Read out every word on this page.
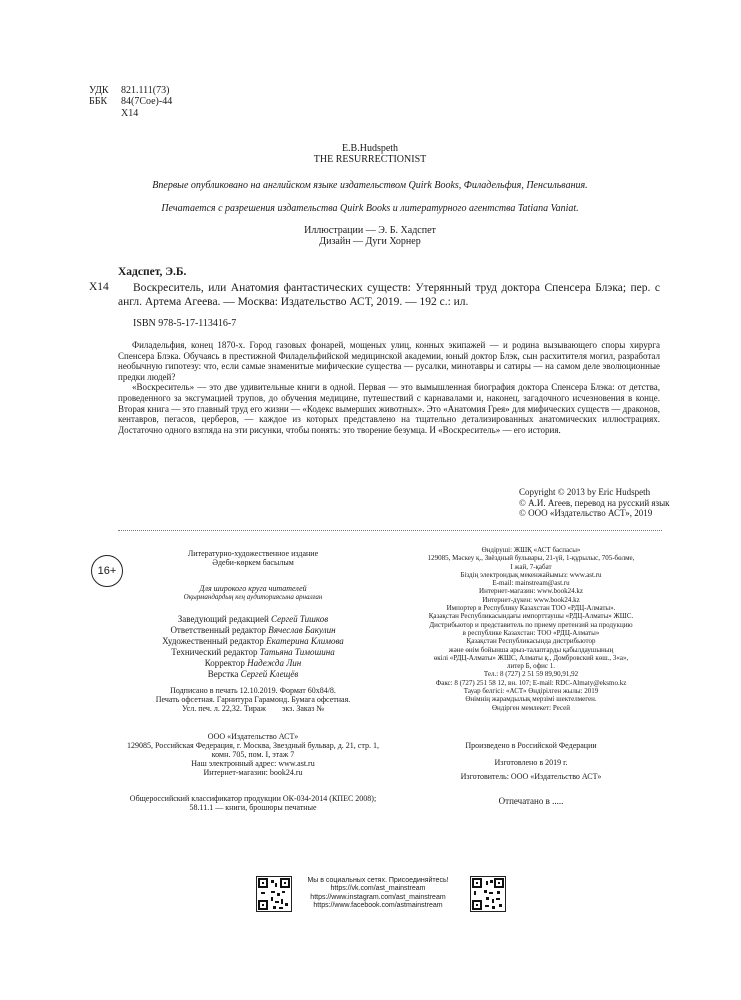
УДК 821.111(73)
ББК 84(7Сое)-44
Х14
E.B.Hudspeth
THE RESURRECTIONIST
Впервые опубликовано на английском языке издательством Quirk Books, Филадельфия, Пенсильвания.
Печатается с разрешения издательства Quirk Books и литературного агентства Tatiana Vaniat.
Иллюстрации — Э. Б. Хадспет
Дизайн — Дуги Хорнер
Хадспет, Э.Б.
Х14	Воскреситель, или Анатомия фантастических существ: Утерянный труд доктора Спенсера Блэка; пер. с англ. Артема Агеева. — Москва: Издательство АСТ, 2019. — 192 с.: ил.
ISBN 978-5-17-113416-7

Филадельфия, конец 1870-х. Город газовых фонарей, мощеных улиц, конных экипажей — и родина вызывающего споры хирурга Спенсера Блэка. Обучаясь в престижной Филадельфийской медицинской академии, юный доктор Блэк, сын расхитителя могил, разработал необычную гипотезу: что, если самые знаменитые мифические существа — русалки, минотавры и сатиры — на самом деле эволюционные предки людей?

«Воскреситель» — это две удивительные книги в одной. Первая — это вымышленная биография доктора Спенсера Блэка: от детства, проведенного за эксгумацией трупов, до обучения медицине, путешествий с карнавалами и, наконец, загадочного исчезновения в конце. Вторая книга — это главный труд его жизни — «Кодекс вымерших животных». Это «Анатомия Грея» для мифических существ — драконов, кентавров, пегасов, церберов, — каждое из которых представлено на тщательно детализированных анатомических иллюстрациях. Достаточно одного взгляда на эти рисунки, чтобы понять: это творение безумца. И «Воскреситель» — его история.

Copyright © 2013 by Eric Hudspeth
© А.И. Агеев, перевод на русский язык
© ООО «Издательство АСТ», 2019
16+
Литературно-художественное издание
Әдеби-көркем басылым
Для широкого круга читателей
Оқырмандардың кең аудиториясына арналған
Заведующий редакцией Сергей Тишков
Ответственный редактор Вячеслав Бакулин
Художественный редактор Екатерина Климова
Технический редактор Татьяна Тимошина
Корректор Надежда Лин
Верстка Сергей Клещёв
Подписано в печать 12.10.2019. Формат 60x84/8.
Печать офсетная. Гарнитура Гарамонд. Бумага офсетная.
Усл. печ. л. 22,32. Тираж        экз. Заказ №
ООО «Издательство АСТ»
129085, Российская Федерация, г. Москва, Звездный бульвар, д. 21, стр. 1,
комн. 705, пом. I, этаж 7
Наш электронный адрес: www.ast.ru
Интернет-магазин: book24.ru
Общероссийский классификатор продукции ОК-034-2014 (КПЕС 2008);
58.11.1 — книги, брошюры печатные
Өндіруші: ЖШҚ «АСТ баспасы»
129085, Мәскеу қ., Звёздный бульвары, 21-үй, 1-құрылыс, 705-бөлме,
I жай, 7-қабат
Біздің электрондық мекенжайымыз: www.ast.ru
E-mail: mainstream@ast.ru
Интернет-магазин: www.book24.kz
Интернет-дүкен: www.book24.kz
Импортер в Республику Казахстан ТОО «РДЦ-Алматы».
Қазақстан Республикасындағы импорттаушы «РДЦ-Алматы» ЖШС.
Дистрибьютор и представитель по приему претензий на продукцию
в республике Казахстан: ТОО «РДЦ-Алматы»
Қазақстан Республикасында дистрибьютор
және өнім бойынша арыз-талаптарды қабылдаушының
өкілі «РДЦ-Алматы» ЖШС, Алматы қ., Домбровский көш., 3«а»,
литер Б, офис 1.
Тел.: 8 (727) 2 51 59 89,90,91,92
Факс: 8 (727) 251 58 12, вн. 107; E-mail: RDC-Almaty@eksmo.kz
Тауар белгісі: «АСТ» Өндірілген жылы: 2019
Өнімнің жарамдылық мерзімі шектелмеген.
Өндірген мемлекет: Ресей
Произведено в Российской Федерации
Изготовлено в 2019 г.
Изготовитель: ООО «Издательство АСТ»
Отпечатано в .....
Мы в социальных сетях. Присоединяйтесь!
https://vk.com/ast_mainstream
https://www.instagram.com/ast_mainstream
https://www.facebook.com/astmainstream
